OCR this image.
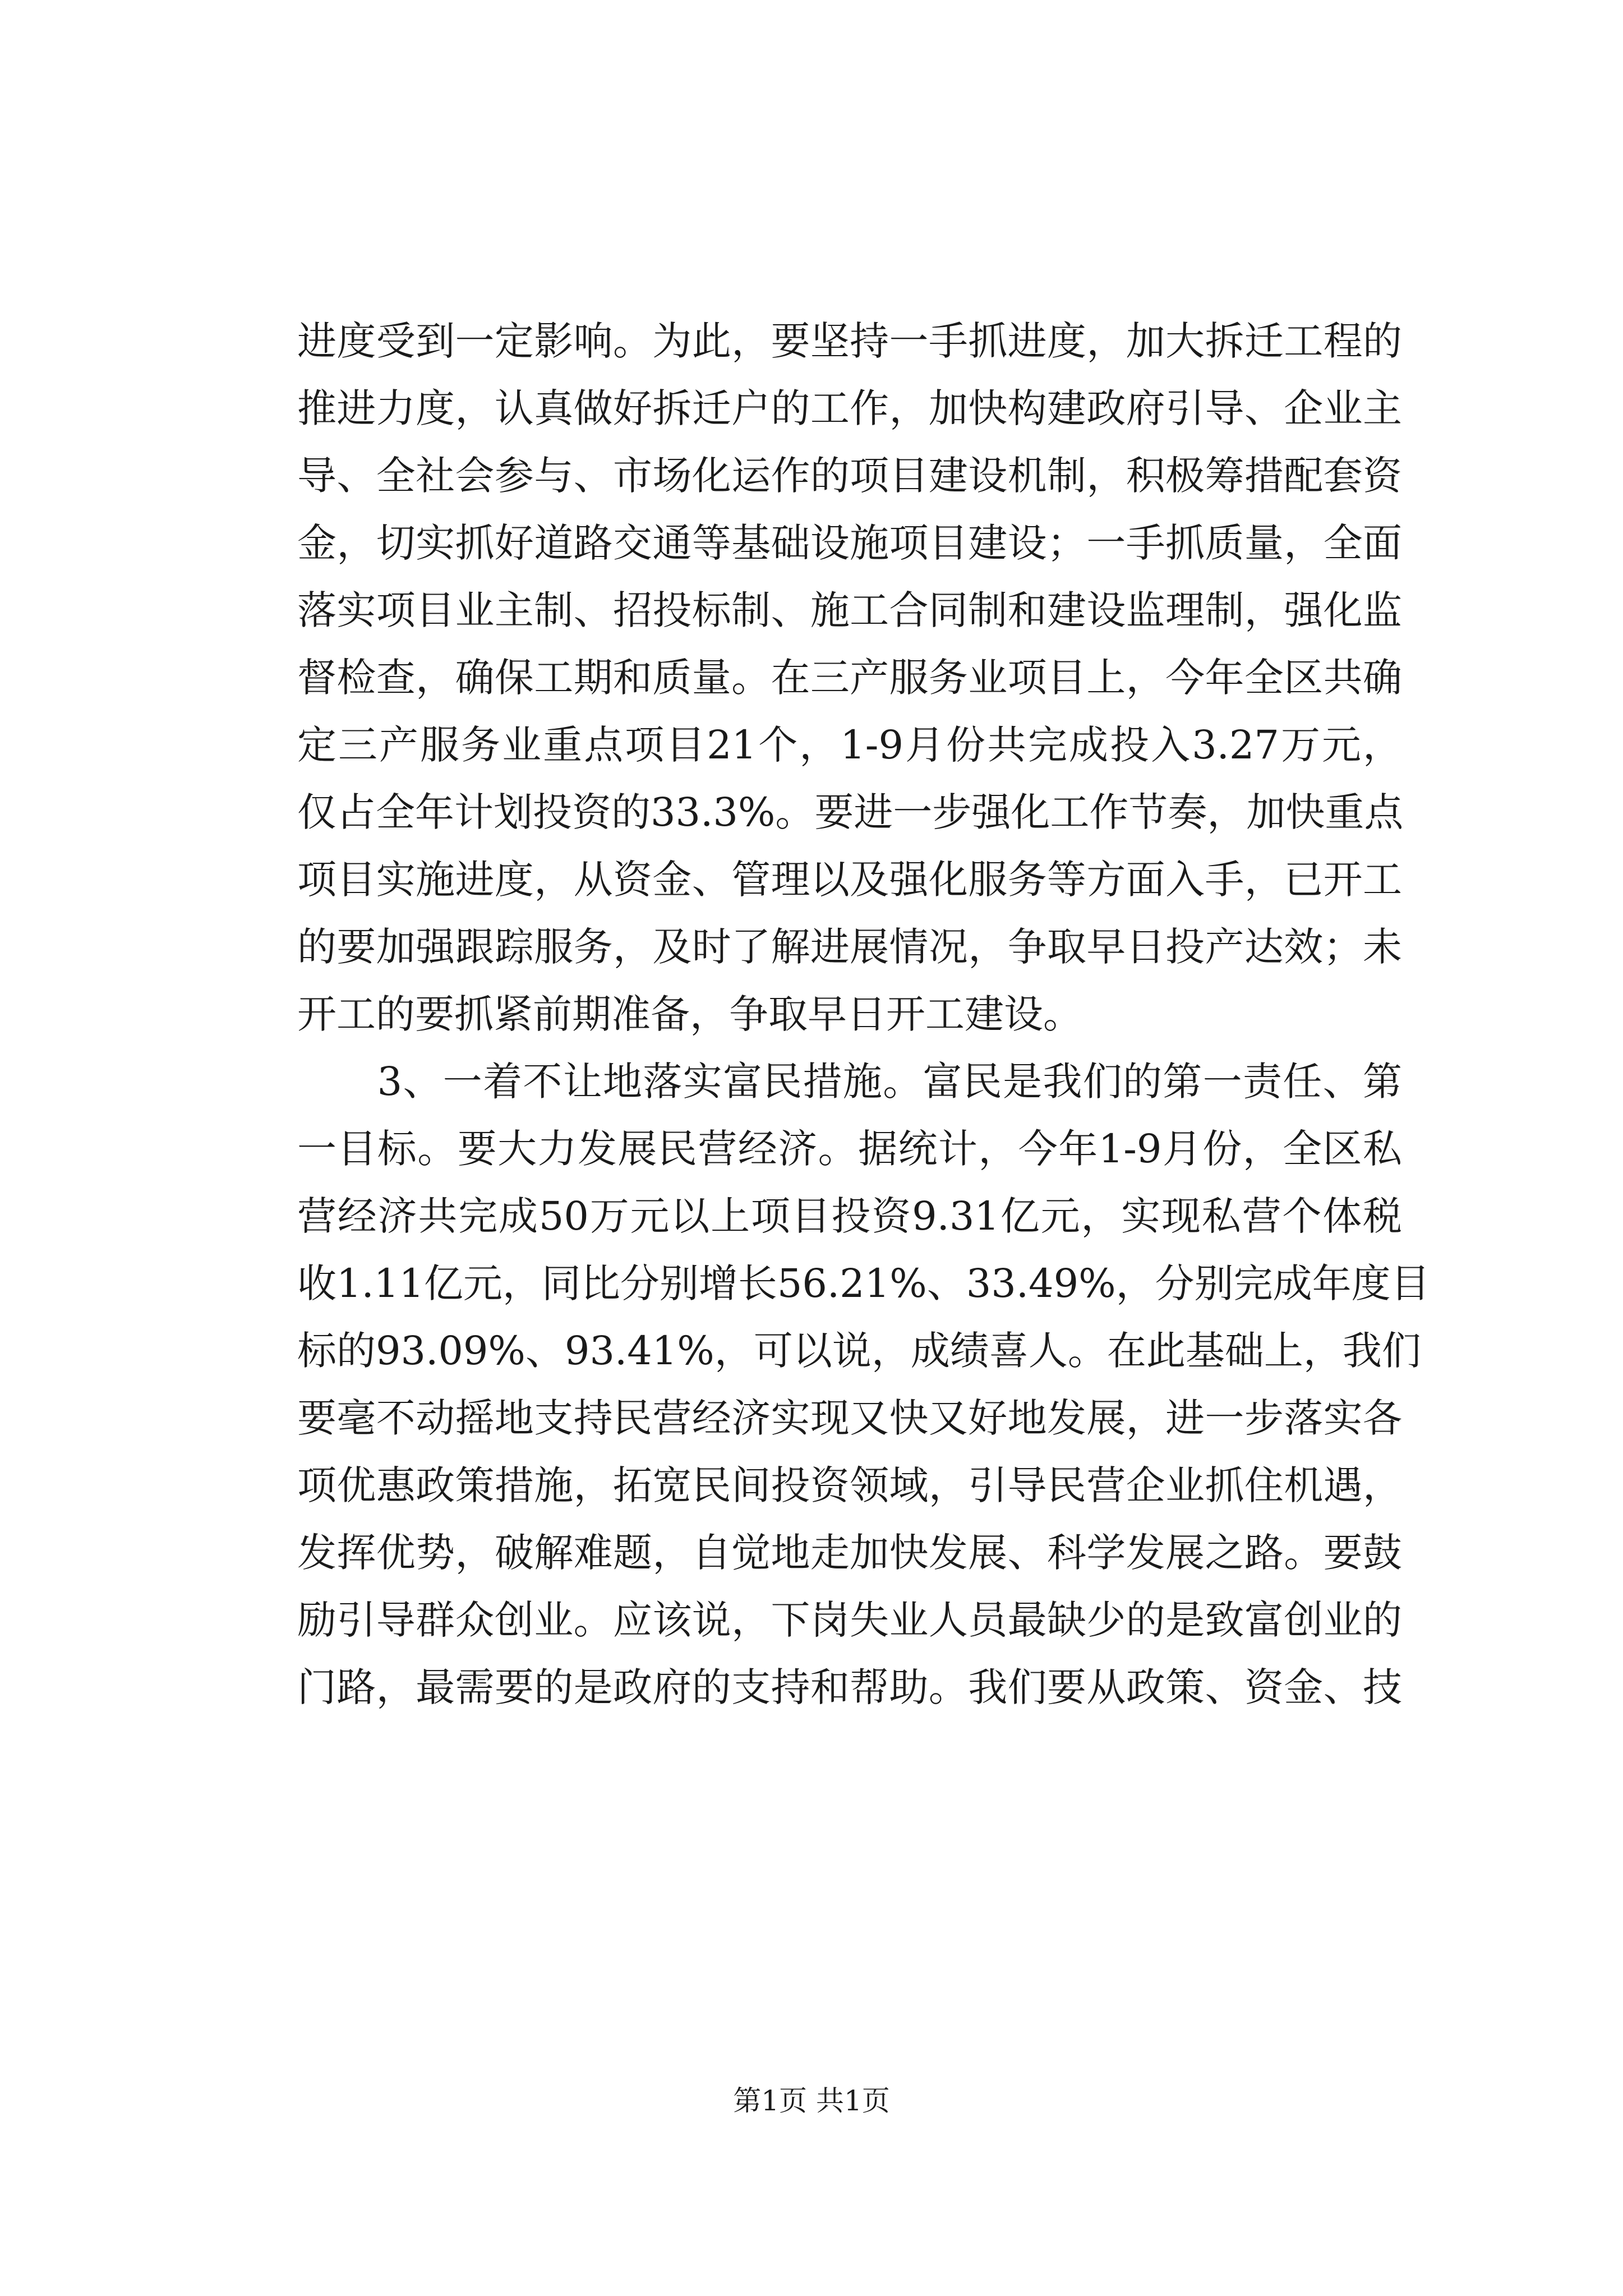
进度受到一定影响。为此，要坚持一手抓进度，加大拆迁工程的
推进力度，认真做好拆迁户的工作，加快构建政府引导、企业主
导、全社会参与、市场化运作的项目建设机制，积极筹措配套资
金，切实抓好道路交通等基础设施项目建设；一手抓质量，全面
落实项目业主制、招投标制、施工合同制和建设监理制，强化监
督检查，确保工期和质量。在三产服务业项目上，今年全区共确
定三产服务业重点项目21个，1-9月份共完成投入3.27万元，
仅占全年计划投资的33.3%。要进一步强化工作节奏，加快重点
项目实施进度，从资金、管理以及强化服务等方面入手，已开工
的要加强跟踪服务，及时了解进展情况，争取早日投产达效；未
开工的要抓紧前期准备，争取早日开工建设。
　　3、一着不让地落实富民措施。富民是我们的第一责任、第
一目标。要大力发展民营经济。据统计，今年1-9月份，全区私
营经济共完成50万元以上项目投资9.31亿元，实现私营个体税
收1.11亿元，同比分别增长56.21%、33.49%，分别完成年度目
标的93.09%、93.41%，可以说，成绩喜人。在此基础上，我们
要毫不动摇地支持民营经济实现又快又好地发展，进一步落实各
项优惠政策措施，拓宽民间投资领域，引导民营企业抓住机遇，
发挥优势，破解难题，自觉地走加快发展、科学发展之路。要鼓
励引导群众创业。应该说，下岗失业人员最缺少的是致富创业的
门路，最需要的是政府的支持和帮助。我们要从政策、资金、技
第1页 共1页
